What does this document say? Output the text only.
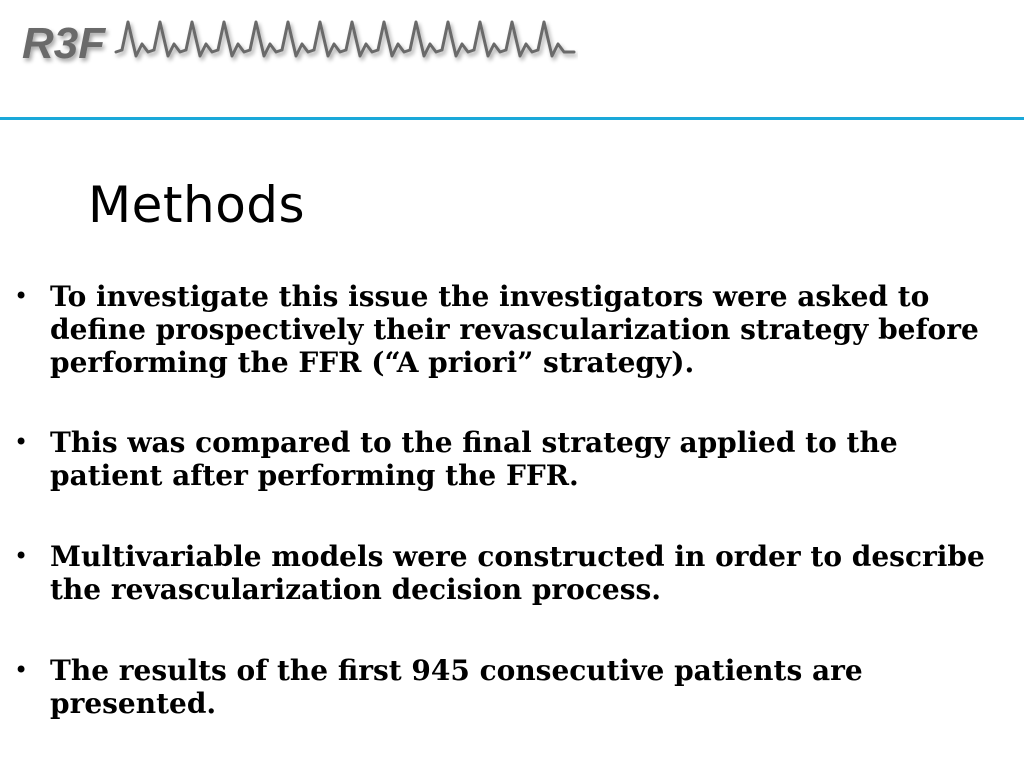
R3F
Methods
• To investigate this issue the investigators were asked to define prospectively their revascularization strategy before performing the FFR (“A priori” strategy).
• This was compared to the final strategy applied to the patient after performing the FFR.
• Multivariable models were constructed in order to describe the revascularization decision process.
• The results of the first 945 consecutive patients are presented.
